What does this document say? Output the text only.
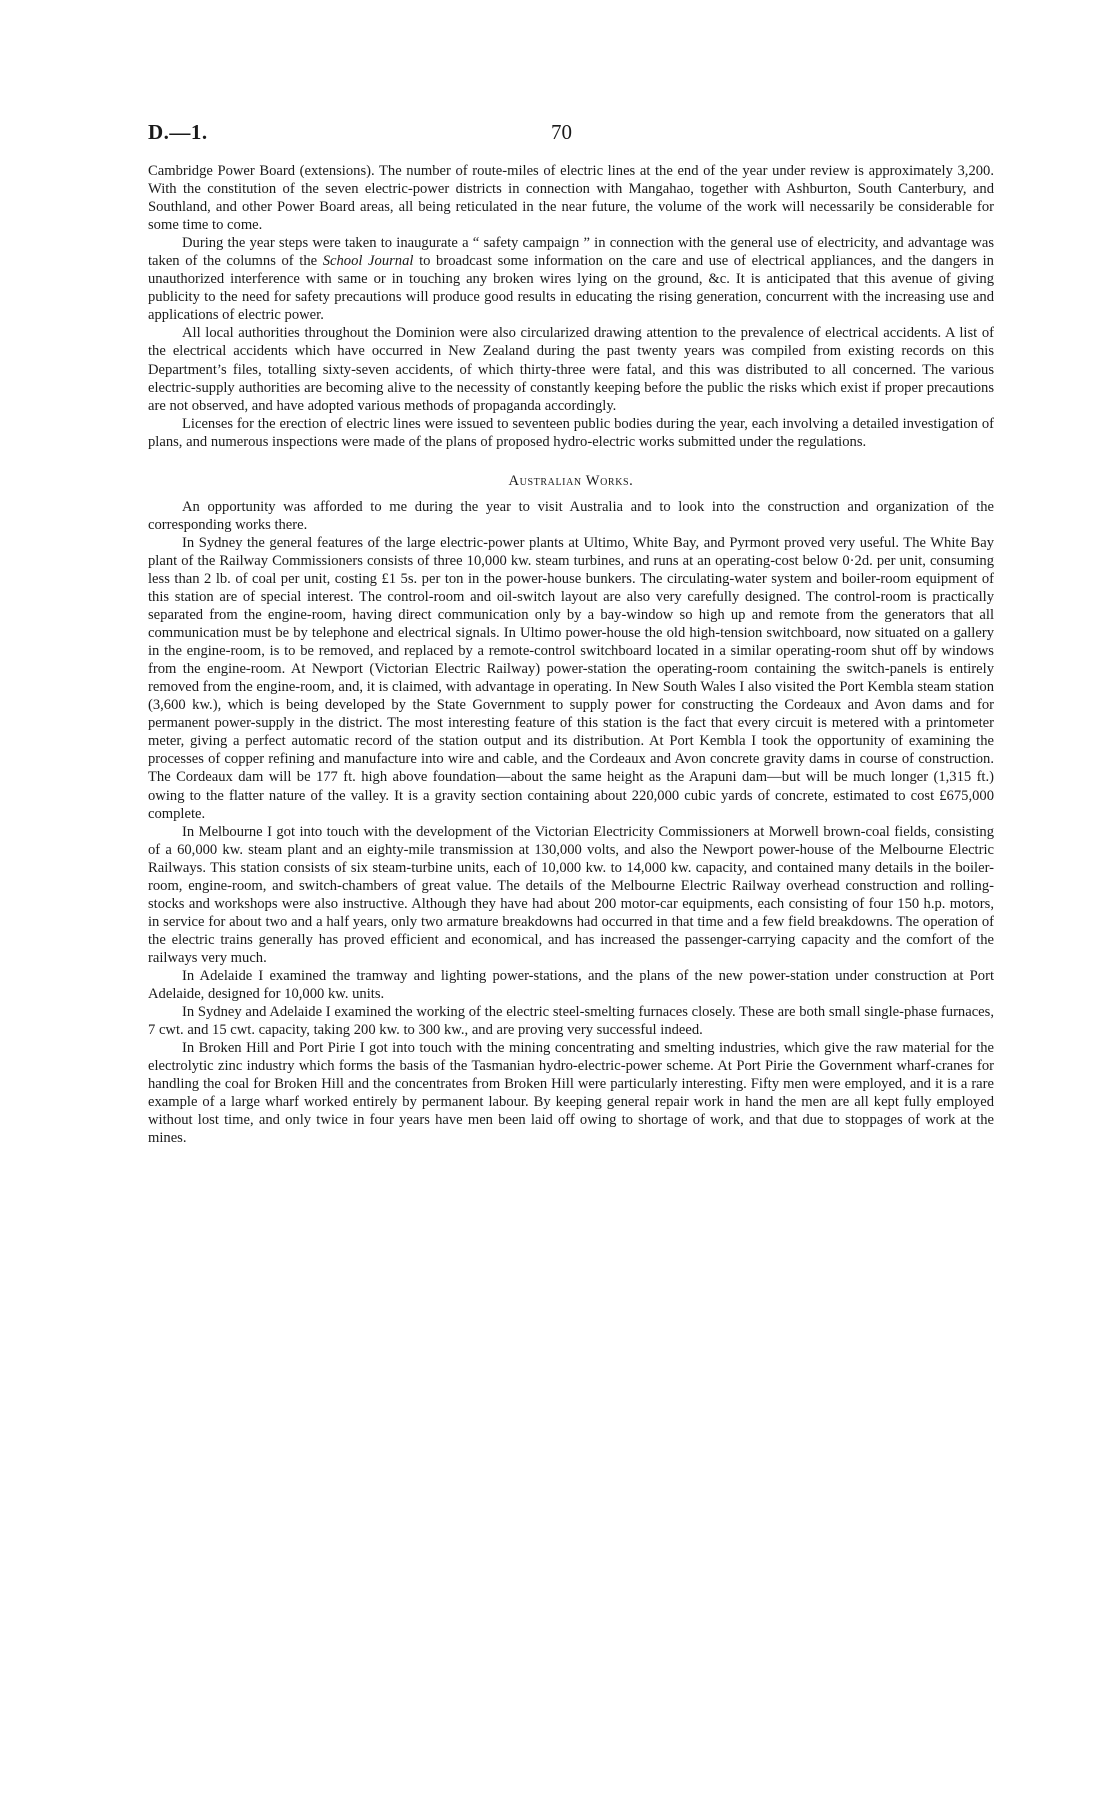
D.—1.	70

Cambridge Power Board (extensions). The number of route-miles of electric lines at the end of the year under review is approximately 3,200. With the constitution of the seven electric-power districts in connection with Mangahao, together with Ashburton, South Canterbury, and Southland, and other Power Board areas, all being reticulated in the near future, the volume of the work will necessarily be considerable for some time to come.

During the year steps were taken to inaugurate a “ safety campaign ” in connection with the general use of electricity, and advantage was taken of the columns of the School Journal to broadcast some information on the care and use of electrical appliances, and the dangers in unauthorized interference with same or in touching any broken wires lying on the ground, &c. It is anticipated that this avenue of giving publicity to the need for safety precautions will produce good results in educating the rising generation, concurrent with the increasing use and applications of electric power.

All local authorities throughout the Dominion were also circularized drawing attention to the prevalence of electrical accidents. A list of the electrical accidents which have occurred in New Zealand during the past twenty years was compiled from existing records on this Department’s files, totalling sixty-seven accidents, of which thirty-three were fatal, and this was distributed to all concerned. The various electric-supply authorities are becoming alive to the necessity of constantly keeping before the public the risks which exist if proper precautions are not observed, and have adopted various methods of propaganda accordingly.

Licenses for the erection of electric lines were issued to seventeen public bodies during the year, each involving a detailed investigation of plans, and numerous inspections were made of the plans of proposed hydro-electric works submitted under the regulations.

Australian Works.

An opportunity was afforded to me during the year to visit Australia and to look into the construction and organization of the corresponding works there.

In Sydney the general features of the large electric-power plants at Ultimo, White Bay, and Pyrmont proved very useful. The White Bay plant of the Railway Commissioners consists of three 10,000 kw. steam turbines, and runs at an operating-cost below 0·2d. per unit, consuming less than 2 lb. of coal per unit, costing £1 5s. per ton in the power-house bunkers. The circulating-water system and boiler-room equipment of this station are of special interest. The control-room and oil-switch layout are also very carefully designed. The control-room is practically separated from the engine-room, having direct communication only by a bay-window so high up and remote from the generators that all communication must be by telephone and electrical signals. In Ultimo power-house the old high-tension switchboard, now situated on a gallery in the engine-room, is to be removed, and replaced by a remote-control switchboard located in a similar operating-room shut off by windows from the engine-room. At Newport (Victorian Electric Railway) power-station the operating-room containing the switch-panels is entirely removed from the engine-room, and, it is claimed, with advantage in operating. In New South Wales I also visited the Port Kembla steam station (3,600 kw.), which is being developed by the State Government to supply power for constructing the Cordeaux and Avon dams and for permanent power-supply in the district. The most interesting feature of this station is the fact that every circuit is metered with a printometer meter, giving a perfect automatic record of the station output and its distribution. At Port Kembla I took the opportunity of examining the processes of copper refining and manufacture into wire and cable, and the Cordeaux and Avon concrete gravity dams in course of construction. The Cordeaux dam will be 177 ft. high above foundation—about the same height as the Arapuni dam—but will be much longer (1,315 ft.) owing to the flatter nature of the valley. It is a gravity section containing about 220,000 cubic yards of concrete, estimated to cost £675,000 complete.

In Melbourne I got into touch with the development of the Victorian Electricity Commissioners at Morwell brown-coal fields, consisting of a 60,000 kw. steam plant and an eighty-mile transmission at 130,000 volts, and also the Newport power-house of the Melbourne Electric Railways. This station consists of six steam-turbine units, each of 10,000 kw. to 14,000 kw. capacity, and contained many details in the boiler-room, engine-room, and switch-chambers of great value. The details of the Melbourne Electric Railway overhead construction and rolling-stocks and workshops were also instructive. Although they have had about 200 motor-car equipments, each consisting of four 150 h.p. motors, in service for about two and a half years, only two armature breakdowns had occurred in that time and a few field breakdowns. The operation of the electric trains generally has proved efficient and economical, and has increased the passenger-carrying capacity and the comfort of the railways very much.

In Adelaide I examined the tramway and lighting power-stations, and the plans of the new power-station under construction at Port Adelaide, designed for 10,000 kw. units.

In Sydney and Adelaide I examined the working of the electric steel-smelting furnaces closely. These are both small single-phase furnaces, 7 cwt. and 15 cwt. capacity, taking 200 kw. to 300 kw., and are proving very successful indeed.

In Broken Hill and Port Pirie I got into touch with the mining concentrating and smelting industries, which give the raw material for the electrolytic zinc industry which forms the basis of the Tasmanian hydro-electric-power scheme. At Port Pirie the Government wharf-cranes for handling the coal for Broken Hill and the concentrates from Broken Hill were particularly interesting. Fifty men were employed, and it is a rare example of a large wharf worked entirely by permanent labour. By keeping general repair work in hand the men are all kept fully employed without lost time, and only twice in four years have men been laid off owing to shortage of work, and that due to stoppages of work at the mines.
